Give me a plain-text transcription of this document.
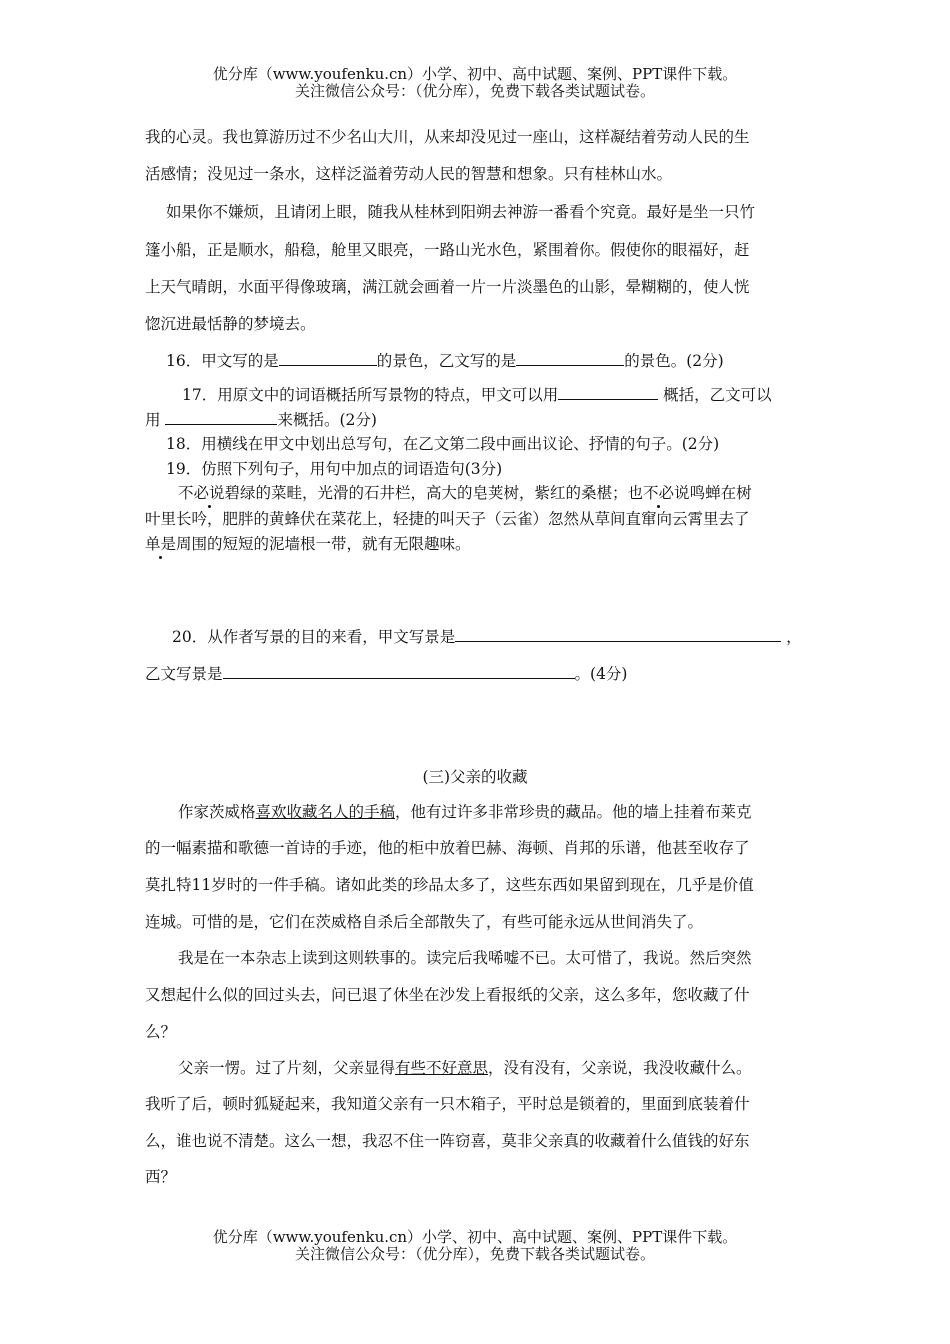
优分库（www.youfenku.cn）小学、初中、高中试题、案例、PPT课件下载。
关注微信公众号：（优分库），免费下载各类试题试卷。
我的心灵。我也算游历过不少名山大川，从来却没见过一座山，这样凝结着劳动人民的生
活感情；没见过一条水，这样泛溢着劳动人民的智慧和想象。只有桂林山水。
如果你不嫌烦，且请闭上眼，随我从桂林到阳朔去神游一番看个究竟。最好是坐一只竹
篷小船，正是顺水，船稳，舱里又眼亮，一路山光水色，紧围着你。假使你的眼福好，赶
上天气晴朗，水面平得像玻璃，满江就会画着一片一片淡墨色的山影，晕糊糊的，使人恍
惚沉进最恬静的梦境去。
16．甲文写的是	的景色，乙文写的是	的景色。(2分)
17．用原文中的词语概括所写景物的特点，甲文可以用	概括，乙文可以
用	来概括。(2分)
18．用横线在甲文中划出总写句，在乙文第二段中画出议论、抒情的句子。(2分)
19．仿照下列句子，用句中加点的词语造句(3分)
不必说碧绿的菜畦，光滑的石井栏，高大的皂荚树，紫红的桑椹；也不必说鸣蝉在树
叶里长吟，肥胖的黄蜂伏在菜花上，轻捷的叫天子（云雀）忽然从草间直窜向云霄里去了
单是周围的短短的泥墙根一带，就有无限趣味。
20．从作者写景的目的来看，甲文写景是	，
乙文写景是	。(4分)
(三)父亲的收藏
作家茨威格喜欢收藏名人的手稿，他有过许多非常珍贵的藏品。他的墙上挂着布莱克
的一幅素描和歌德一首诗的手迹，他的柜中放着巴赫、海顿、肖邦的乐谱，他甚至收存了
莫扎特11岁时的一件手稿。诸如此类的珍品太多了，这些东西如果留到现在，几乎是价值
连城。可惜的是，它们在茨威格自杀后全部散失了，有些可能永远从世间消失了。
我是在一本杂志上读到这则轶事的。读完后我唏嘘不已。太可惜了，我说。然后突然
又想起什么似的回过头去，问已退了休坐在沙发上看报纸的父亲，这么多年，您收藏了什
么？
父亲一愣。过了片刻，父亲显得有些不好意思，没有没有，父亲说，我没收藏什么。
我听了后，顿时狐疑起来，我知道父亲有一只木箱子，平时总是锁着的，里面到底装着什
么，谁也说不清楚。这么一想，我忍不住一阵窃喜，莫非父亲真的收藏着什么值钱的好东
西？
优分库（www.youfenku.cn）小学、初中、高中试题、案例、PPT课件下载。
关注微信公众号：（优分库），免费下载各类试题试卷。
